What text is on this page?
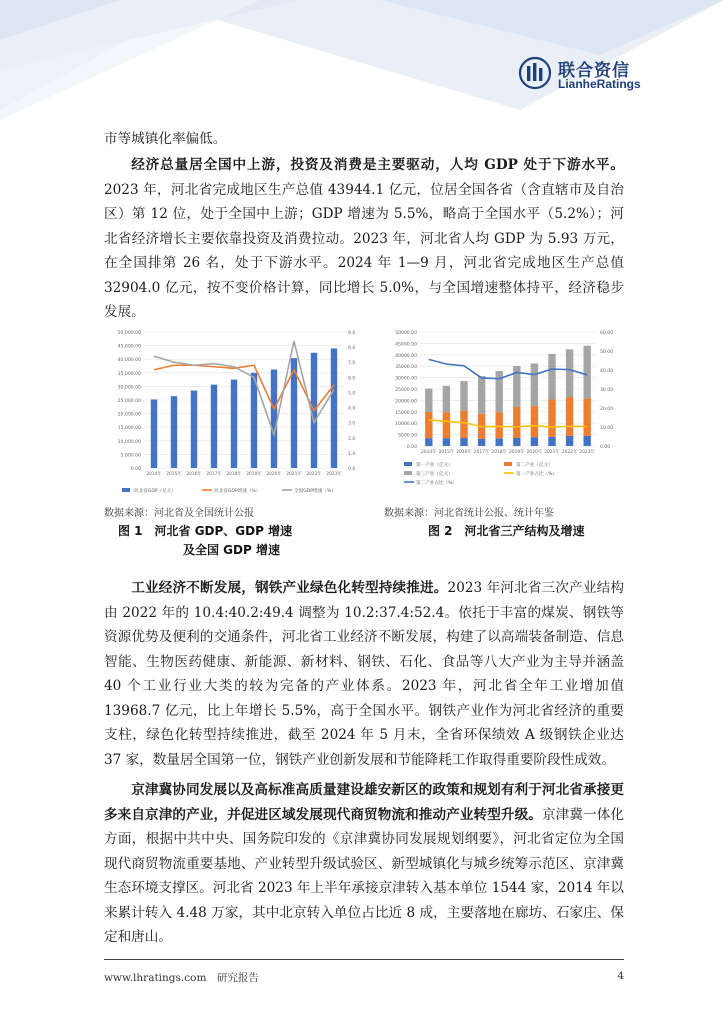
联合资信
LianheRatings
市等城镇化率偏低。
经济总量居全国中上游，投资及消费是主要驱动，人均 GDP 处于下游水平。2023 年，河北省完成地区生产总值 43944.1 亿元，位居全国各省（含直辖市及自治区）第 12 位，处于全国中上游；GDP 增速为 5.5%，略高于全国水平（5.2%）；河北省经济增长主要依靠投资及消费拉动。2023 年，河北省人均 GDP 为 5.93 万元，在全国排第 26 名，处于下游水平。2024 年 1—9 月，河北省完成地区生产总值 32904.0 亿元，按不变价格计算，同比增长 5.0%，与全国增速整体持平，经济稳步发展。
0.00
5,000.00
10,000.00
15,000.00
20,000.00
25,000.00
30,000.00
35,000.00
40,000.00
45,000.00
50,000.00
0.0
1.0
2.0
3.0
4.0
5.0
6.0
7.0
8.0
9.0
2014年 2015年 2016年 2017年 2018年 2019年 2020年 2021年 2022年 2023年
河北省GDP（亿元）	河北省GDP增速（%）	全国GDP增速（%）
数据来源：河北省及全国统计公报
图 1　河北省 GDP、GDP 增速
及全国 GDP 增速
0.00
5000.00
10000.00
15000.00
20000.00
25000.00
30000.00
35000.00
40000.00
45000.00
50000.00
0.00
10.00
20.00
30.00
40.00
50.00
60.00
2014年 2015年 2016年 2017年 2018年 2019年 2020年 2021年 2022年 2023年
第一产业（亿元）	第二产业（亿元）
第三产业（亿元）	第一产业占比（%）
第二产业占比（%）
数据来源：河北省统计公报、统计年鉴
图 2　河北省三产结构及增速
工业经济不断发展，钢铁产业绿色化转型持续推进。2023 年河北省三次产业结构由 2022 年的 10.4:40.2:49.4 调整为 10.2:37.4:52.4。依托于丰富的煤炭、钢铁等资源优势及便利的交通条件，河北省工业经济不断发展，构建了以高端装备制造、信息智能、生物医药健康、新能源、新材料、钢铁、石化、食品等八大产业为主导并涵盖 40 个工业行业大类的较为完备的产业体系。2023 年，河北省全年工业增加值 13968.7 亿元，比上年增长 5.5%，高于全国水平。钢铁产业作为河北省经济的重要支柱，绿色化转型持续推进，截至 2024 年 5 月末，全省环保绩效 A 级钢铁企业达 37 家，数量居全国第一位，钢铁产业创新发展和节能降耗工作取得重要阶段性成效。
京津冀协同发展以及高标准高质量建设雄安新区的政策和规划有利于河北省承接更多来自京津的产业，并促进区域发展现代商贸物流和推动产业转型升级。京津冀一体化方面，根据中共中央、国务院印发的《京津冀协同发展规划纲要》，河北省定位为全国现代商贸物流重要基地、产业转型升级试验区、新型城镇化与城乡统筹示范区、京津冀生态环境支撑区。河北省 2023 年上半年承接京津转入基本单位 1544 家，2014 年以来累计转入 4.48 万家，其中北京转入单位占比近 8 成，主要落地在廊坊、石家庄、保定和唐山。
www.lhratings.com　 研究报告	4
